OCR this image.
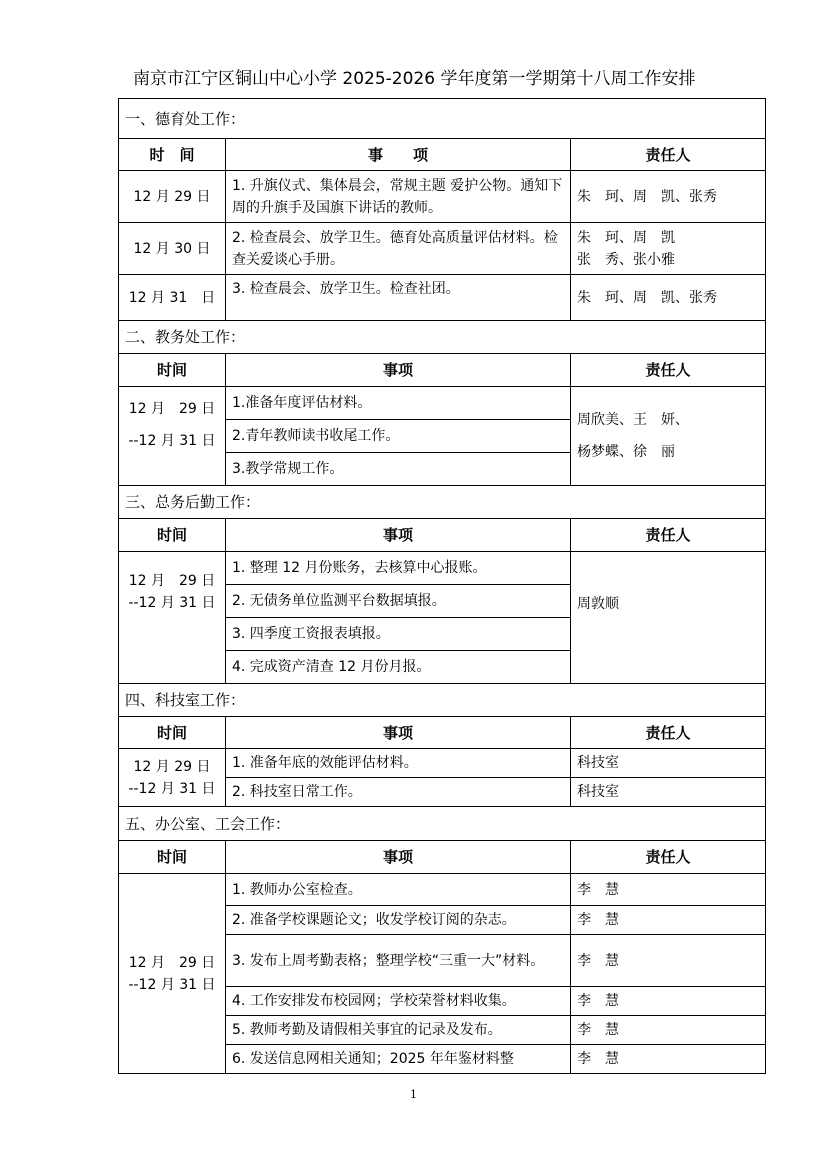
南京市江宁区铜山中心小学 2025-2026 学年度第一学期第十八周工作安排
一、德育处工作：		
时　间	事　　项	责任人
12 月 29 日	1. 升旗仪式、集体晨会，常规主题 爱护公物。通知下周的升旗手及国旗下讲话的教师。	朱　珂、周　凯、张秀
12 月 30 日	2. 检查晨会、放学卫生。德育处高质量评估材料。检查关爱谈心手册。	朱　珂、周　凯
张　秀、张小雅
12 月 31　日	3. 检查晨会、放学卫生。检查社团。	朱　珂、周　凯、张秀
二、教务处工作：		
时间	事项	责任人
12 月　29 日
--12 月 31 日	1.准备年度评估材料。	周欣美、王　妍、
杨梦蝶、徐　丽
	2.青年教师读书收尾工作。	
	3.教学常规工作。	
三、总务后勤工作：		
时间	事项	责任人
12 月　29 日
--12 月 31 日	1. 整理 12 月份账务，去核算中心报账。	周敦顺
	2. 无债务单位监测平台数据填报。	
	3. 四季度工资报表填报。	
	4. 完成资产清查 12 月份月报。	
四、科技室工作：		
时间	事项	责任人
12 月 29 日
--12 月 31 日	1. 准备年底的效能评估材料。	科技室
	2. 科技室日常工作。	科技室
五、办公室、工会工作：		
时间	事项	责任人
12 月　29 日
--12 月 31 日	1. 教师办公室检查。	李　慧
	2. 准备学校课题论文；收发学校订阅的杂志。	李　慧
	3. 发布上周考勤表格；整理学校“三重一大”材料。	李　慧
	4. 工作安排发布校园网；学校荣誉材料收集。	李　慧
	5. 教师考勤及请假相关事宜的记录及发布。	李　慧
	6. 发送信息网相关通知；2025 年年鉴材料整	李　慧
1
